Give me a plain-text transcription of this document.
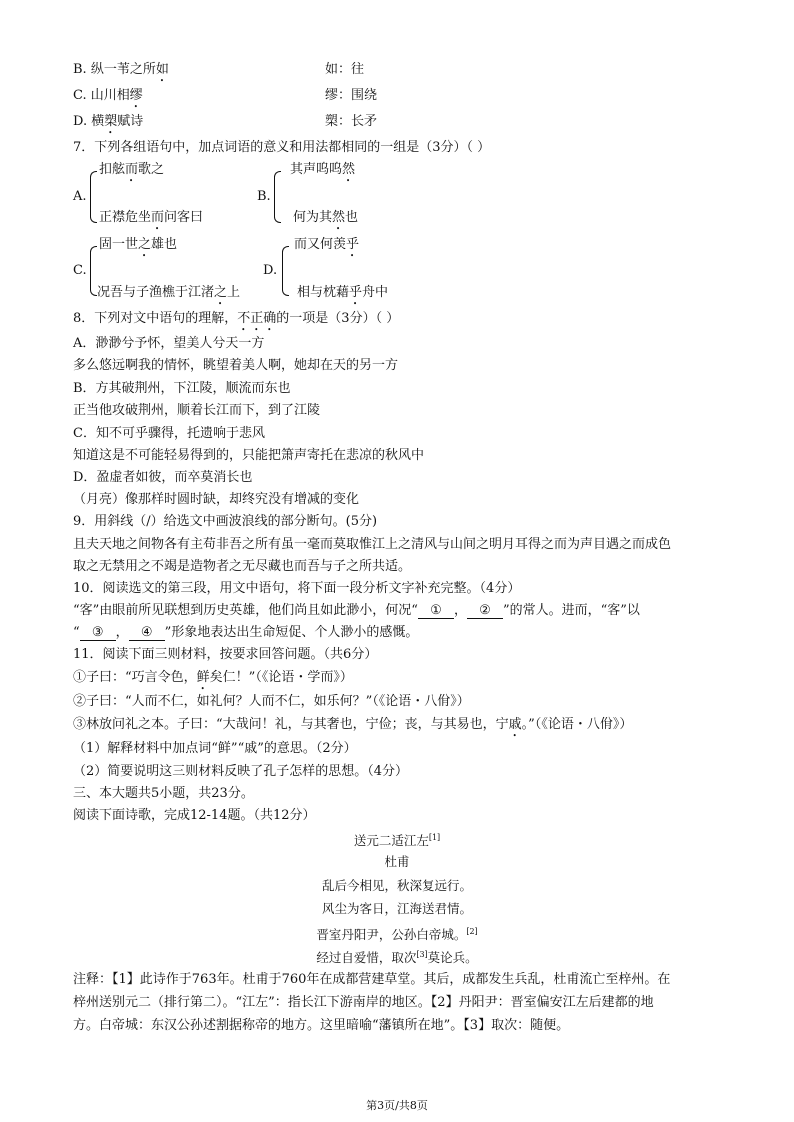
B. 纵一苇之所如	如：往
C. 山川相缪	缪：围绕
D. 横槊赋诗	槊：长矛
7．下列各组语句中，加点词语的意义和用法都相同的一组是（3分）（ ）
A.
扣舷而歌之
正襟危坐而问客曰
B.
其声呜呜然
何为其然也
C.
固一世之雄也
况吾与子渔樵于江渚之上
D.
而又何羡乎
相与枕藉乎舟中
8．下列对文中语句的理解，不正确的一项是（3分）（ ）
A．渺渺兮予怀，望美人兮天一方
多么悠远啊我的情怀，眺望着美人啊，她却在天的另一方
B．方其破荆州，下江陵，顺流而东也
正当他攻破荆州，顺着长江而下，到了江陵
C．知不可乎骤得，托遗响于悲风
知道这是不可能轻易得到的，只能把箫声寄托在悲凉的秋风中
D．盈虚者如彼，而卒莫消长也
（月亮）像那样时圆时缺，却终究没有增减的变化
9．用斜线（/）给选文中画波浪线的部分断句。(5分)
且夫天地之间物各有主苟非吾之所有虽一毫而莫取惟江上之清风与山间之明月耳得之而为声目遇之而成色
取之无禁用之不竭是造物者之无尽藏也而吾与子之所共适。
10．阅读选文的第三段，用文中语句，将下面一段分析文字补充完整。（4分）
“客”由眼前所见联想到历史英雄，他们尚且如此渺小，何况“ ① ， ② ”的常人。进而，“客”以
“ ③ ， ④ ”形象地表达出生命短促、个人渺小的感慨。
11．阅读下面三则材料，按要求回答问题。（共6分）
①子曰：“巧言令色，鲜矣仁！”（《论语・学而》）
②子曰：“人而不仁，如礼何？人而不仁，如乐何？”（《论语・八佾》）
③林放问礼之本。子曰：“大哉问！礼，与其奢也，宁俭；丧，与其易也，宁戚。”（《论语・八佾》）
（1）解释材料中加点词“鲜”“戚”的意思。（2分）
（2）简要说明这三则材料反映了孔子怎样的思想。（4分）
三、本大题共5小题，共23分。
阅读下面诗歌，完成12-14题。（共12分）
送元二适江左[1]
杜甫
乱后今相见，秋深复远行。
风尘为客日，江海送君情。
晋室丹阳尹，公孙白帝城。[2]
经过自爱惜，取次[3]莫论兵。
注释：【1】此诗作于763年。杜甫于760年在成都营建草堂。其后，成都发生兵乱，杜甫流亡至梓州。在
梓州送别元二（排行第二）。“江左”：指长江下游南岸的地区。【2】丹阳尹：晋室偏安江左后建都的地
方。白帝城：东汉公孙述割据称帝的地方。这里暗喻“藩镇所在地”。【3】取次：随便。
第3页/共8页
